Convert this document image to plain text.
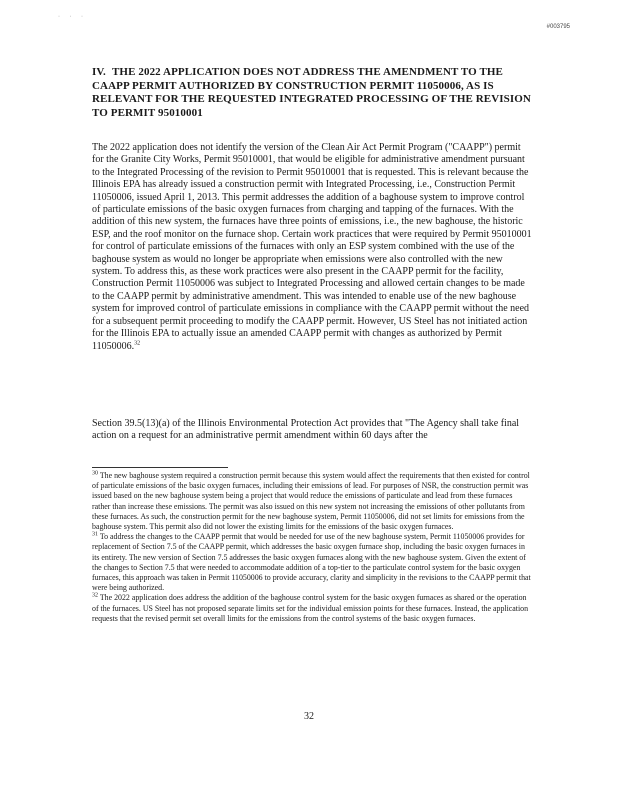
· · ·
#003795
IV. THE 2022 APPLICATION DOES NOT ADDRESS THE AMENDMENT TO THE CAAPP PERMIT AUTHORIZED BY CONSTRUCTION PERMIT 11050006, AS IS RELEVANT FOR THE REQUESTED INTEGRATED PROCESSING OF THE REVISION TO PERMIT 95010001

The 2022 application does not identify the version of the Clean Air Act Permit Program ("CAAPP") permit for the Granite City Works, Permit 95010001, that would be eligible for administrative amendment pursuant to the Integrated Processing of the revision to Permit 95010001 that is requested. This is relevant because the Illinois EPA has already issued a construction permit with Integrated Processing, i.e., Construction Permit 11050006, issued April 1, 2013. This permit addresses the addition of a baghouse system to improve control of particulate emissions of the basic oxygen furnaces from charging and tapping of the furnaces. With the addition of this new system, the furnaces have three points of emissions, i.e., the new baghouse, the historic ESP, and the roof monitor on the furnace shop. Certain work practices that were required by Permit 95010001 for control of particulate emissions of the furnaces with only an ESP system combined with the use of the baghouse system as would no longer be appropriate when emissions were also controlled with the new system. To address this, as these work practices were also present in the CAAPP permit for the facility, Construction Permit 11050006 was subject to Integrated Processing and allowed certain changes to be made to the CAAPP permit by administrative amendment. This was intended to enable use of the new baghouse system for improved control of particulate emissions in compliance with the CAAPP permit without the need for a subsequent permit proceeding to modify the CAAPP permit. However, US Steel has not initiated action for the Illinois EPA to actually issue an amended CAAPP permit with changes as authorized by Permit 11050006.32

Section 39.5(13)(a) of the Illinois Environmental Protection Act provides that "The Agency shall take final action on a request for an administrative permit amendment within 60 days after the

$^{30}$ The new baghouse system required a construction permit because this system would affect the requirements that then existed for control of particulate emissions of the basic oxygen furnaces, including their emissions of lead. For purposes of NSR, the construction permit was issued based on the new baghouse system being a project that would reduce the emissions of particulate and lead from these furnaces rather than increase these emissions. The permit was also issued on this new system not increasing the emissions of other pollutants from these furnaces. As such, the construction permit for the new baghouse system, Permit 11050006, did not set limits for emissions from the baghouse system. This permit also did not lower the existing limits for the emissions of the basic oxygen furnaces.

$^{31}$ To address the changes to the CAAPP permit that would be needed for use of the new baghouse system, Permit 11050006 provides for replacement of Section 7.5 of the CAAPP permit, which addresses the basic oxygen furnace shop, including the basic oxygen furnaces in its entirety. The new version of Section 7.5 addresses the basic oxygen furnaces along with the new baghouse system. Given the extent of the changes to Section 7.5 that were needed to accommodate addition of a top-tier to the particulate control system for the basic oxygen furnaces, this approach was taken in Permit 11050006 to provide accuracy, clarity and simplicity in the revisions to the CAAPP permit that were being authorized.

$^{32}$ The 2022 application does address the addition of the baghouse control system for the basic oxygen furnaces as shared or the operation of the furnaces. US Steel has not proposed separate limits set for the individual emission points for these furnaces. Instead, the application requests that the revised permit set overall limits for the emissions from the control systems of the basic oxygen furnaces.

32
